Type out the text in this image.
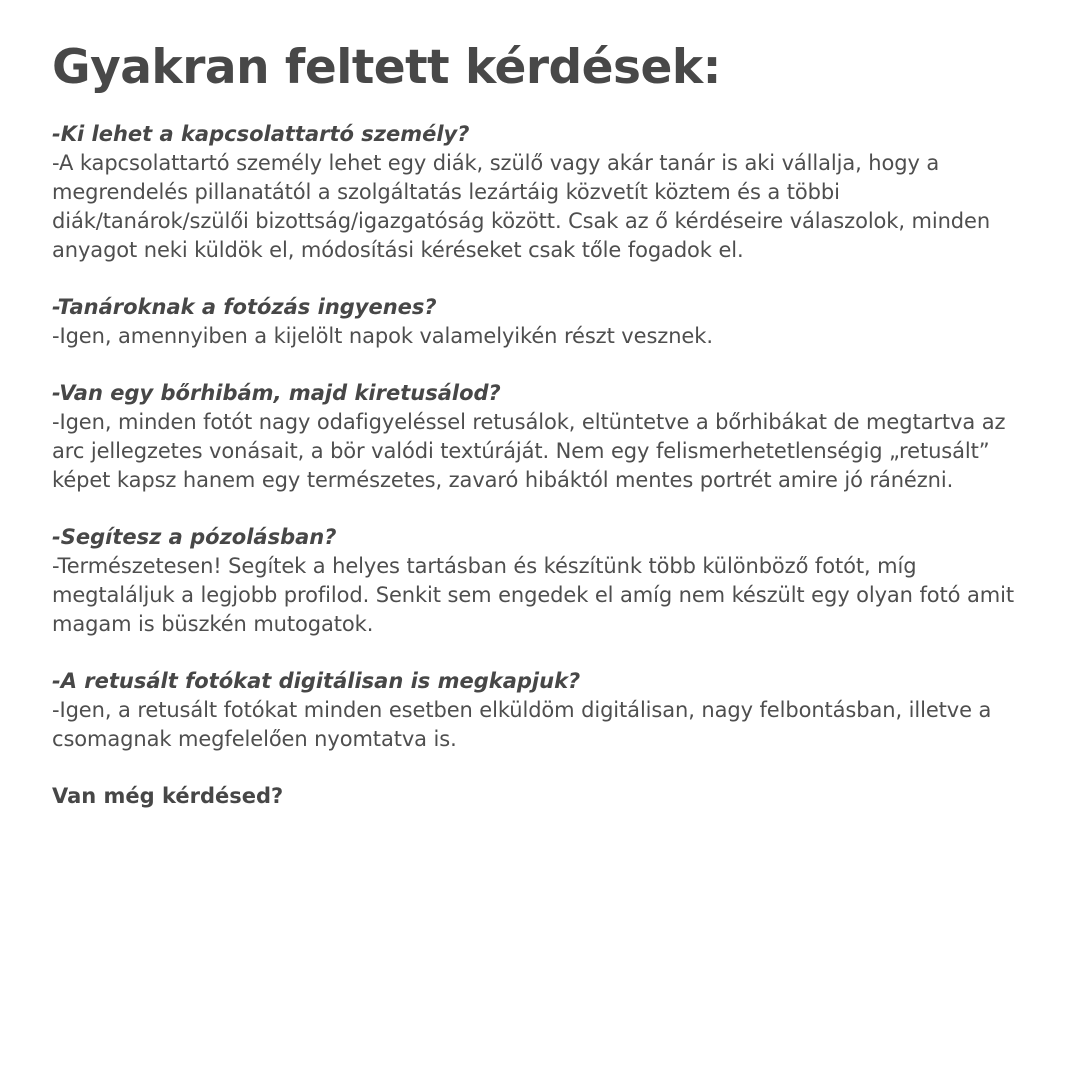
Gyakran feltett kérdések:

-Ki lehet a kapcsolattartó személy?

-A kapcsolattartó személy lehet egy diák, szülő vagy akár tanár is aki vállalja, hogy a megrendelés pillanatától a szolgáltatás lezártáig közvetít köztem és a többi diák/tanárok/szülői bizottság/igazgatóság között. Csak az ő kérdéseire válaszolok, minden anyagot neki küldök el, módosítási kéréseket csak tőle fogadok el.

-Tanároknak a fotózás ingyenes?

-Igen, amennyiben a kijelölt napok valamelyikén részt vesznek.

-Van egy bőrhibám, majd kiretusálod?

-Igen, minden fotót nagy odafigyeléssel retusálok, eltüntetve a bőrhibákat de megtartva az arc jellegzetes vonásait, a bör valódi textúráját. Nem egy felismerhetetlenségig „retusált” képet kapsz hanem egy természetes, zavaró hibáktól mentes portrét amire jó ránézni.

-Segítesz a pózolásban?

-Természetesen! Segítek a helyes tartásban és készítünk több különböző fotót, míg megtaláljuk a legjobb profilod. Senkit sem engedek el amíg nem készült egy olyan fotó amit magam is büszkén mutogatok.

-A retusált fotókat digitálisan is megkapjuk?

-Igen, a retusált fotókat minden esetben elküldöm digitálisan, nagy felbontásban, illetve a csomagnak megfelelően nyomtatva is.

Van még kérdésed?
